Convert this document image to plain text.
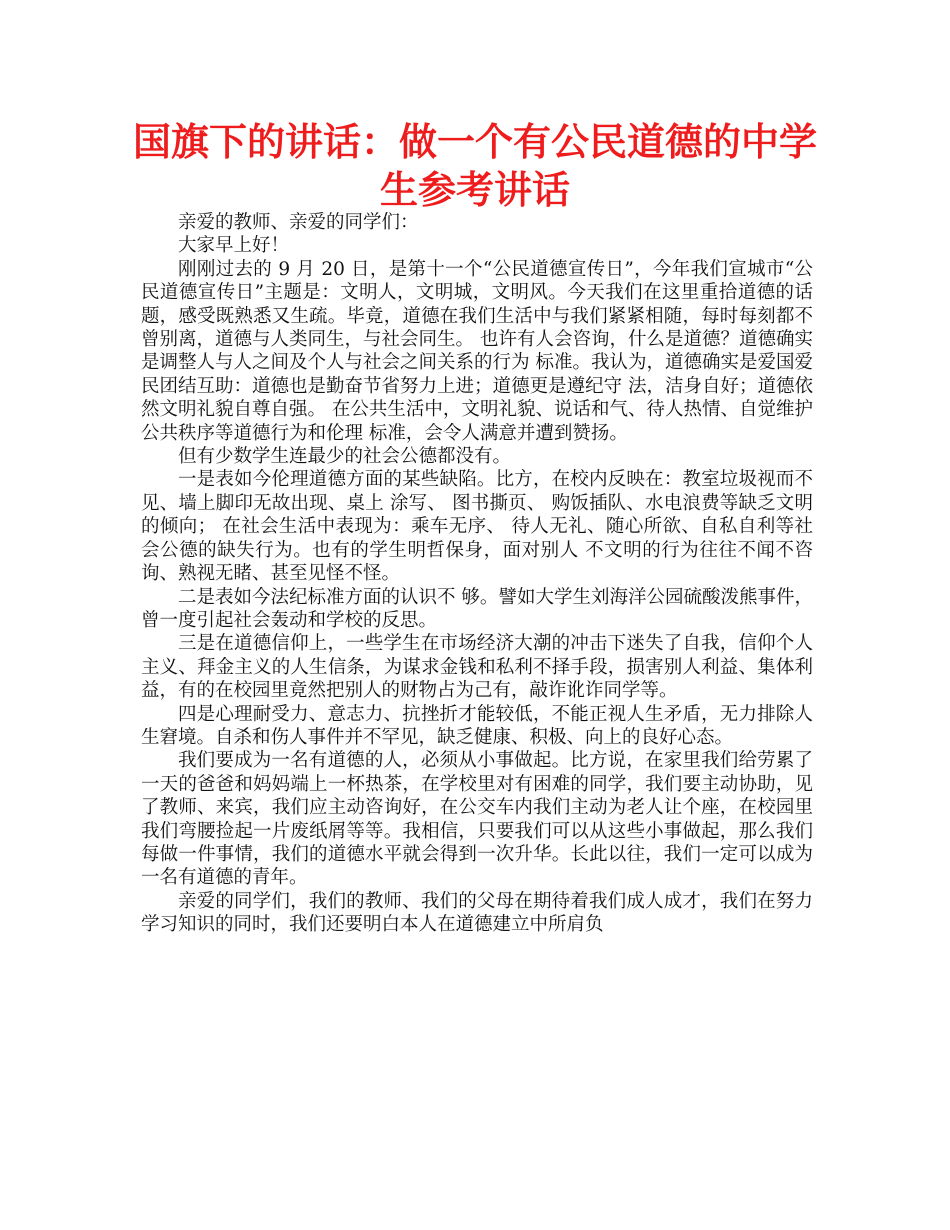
国旗下的讲话：做一个有公民道德的中学生参考讲话

亲爱的教师、亲爱的同学们：

大家早上好！

刚刚过去的 9 月 20 日，是第十一个“公民道德宣传日”，今年我们宣城市“公民道德宣传日”主题是：文明人，文明城，文明风。今天我们在这里重拾道德的话题，感受既熟悉又生疏。毕竟，道德在我们生活中与我们紧紧相随，每时每刻都不曾别离，道德与人类同生，与社会同生。 也许有人会咨询，什么是道德？道德确实是调整人与人之间及个人与社会之间关系的行为 标准。我认为，道德确实是爱国爱民团结互助：道德也是勤奋节省努力上进；道德更是遵纪守 法，洁身自好；道德依然文明礼貌自尊自强。 在公共生活中，文明礼貌、说话和气、待人热情、自觉维护公共秩序等道德行为和伦理 标准，会令人满意并遭到赞扬。

但有少数学生连最少的社会公德都没有。

一是表如今伦理道德方面的某些缺陷。比方，在校内反映在：教室垃圾视而不见、墙上脚印无故出现、桌上 涂写、 图书撕页、 购饭插队、水电浪费等缺乏文明的倾向； 在社会生活中表现为：乘车无序、 待人无礼、随心所欲、自私自利等社会公德的缺失行为。也有的学生明哲保身，面对别人 不文明的行为往往不闻不咨询、熟视无睹、甚至见怪不怪。

二是表如今法纪标准方面的认识不 够。譬如大学生刘海洋公园硫酸泼熊事件，曾一度引起社会轰动和学校的反思。

三是在道德信仰上，一些学生在市场经济大潮的冲击下迷失了自我，信仰个人主义、拜金主义的人生信条，为谋求金钱和私利不择手段，损害别人利益、集体利益，有的在校园里竟然把别人的财物占为己有，敲诈讹诈同学等。

四是心理耐受力、意志力、抗挫折才能较低，不能正视人生矛盾，无力排除人生窘境。自杀和伤人事件并不罕见，缺乏健康、积极、向上的良好心态。

我们要成为一名有道德的人，必须从小事做起。比方说，在家里我们给劳累了一天的爸爸和妈妈端上一杯热茶，在学校里对有困难的同学，我们要主动协助，见了教师、来宾，我们应主动咨询好，在公交车内我们主动为老人让个座，在校园里我们弯腰捡起一片废纸屑等等。我相信，只要我们可以从这些小事做起，那么我们每做一件事情，我们的道德水平就会得到一次升华。长此以往，我们一定可以成为一名有道德的青年。

亲爱的同学们，我们的教师、我们的父母在期待着我们成人成才，我们在努力学习知识的同时，我们还要明白本人在道德建立中所肩负
